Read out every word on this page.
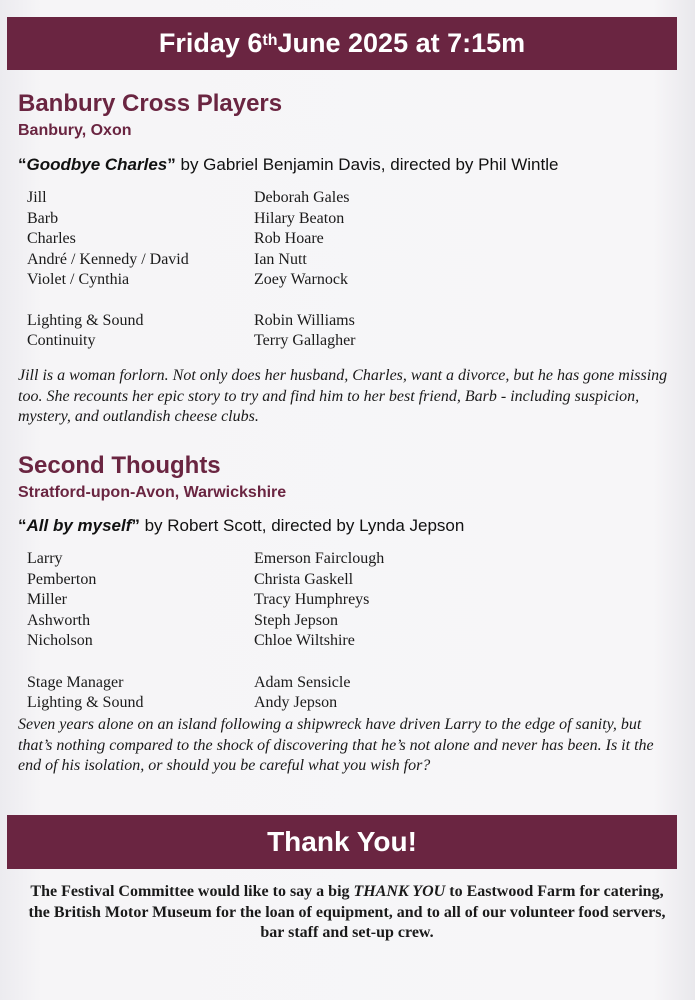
Friday 6th June 2025 at 7:15m
Banbury Cross Players
Banbury, Oxon
“Goodbye Charles” by Gabriel Benjamin Davis, directed by Phil Wintle
Jill	Deborah Gales
Barb	Hilary Beaton
Charles	Rob Hoare
André / Kennedy / David	Ian Nutt
Violet / Cynthia	Zoey Warnock
Lighting & Sound	Robin Williams
Continuity	Terry Gallagher

Jill is a woman forlorn. Not only does her husband, Charles, want a divorce, but he has gone missing too. She recounts her epic story to try and find him to her best friend, Barb - including suspicion, mystery, and outlandish cheese clubs.

Second Thoughts
Stratford-upon-Avon, Warwickshire
“All by myself” by Robert Scott, directed by Lynda Jepson
Larry	Emerson Fairclough
Pemberton	Christa Gaskell
Miller	Tracy Humphreys
Ashworth	Steph Jepson
Nicholson	Chloe Wiltshire
Stage Manager	Adam Sensicle
Lighting & Sound	Andy Jepson

Seven years alone on an island following a shipwreck have driven Larry to the edge of sanity, but that’s nothing compared to the shock of discovering that he’s not alone and never has been. Is it the end of his isolation, or should you be careful what you wish for?

Thank You!

The Festival Committee would like to say a big THANK YOU to Eastwood Farm for catering, the British Motor Museum for the loan of equipment, and to all of our volunteer food servers, bar staff and set-up crew.
